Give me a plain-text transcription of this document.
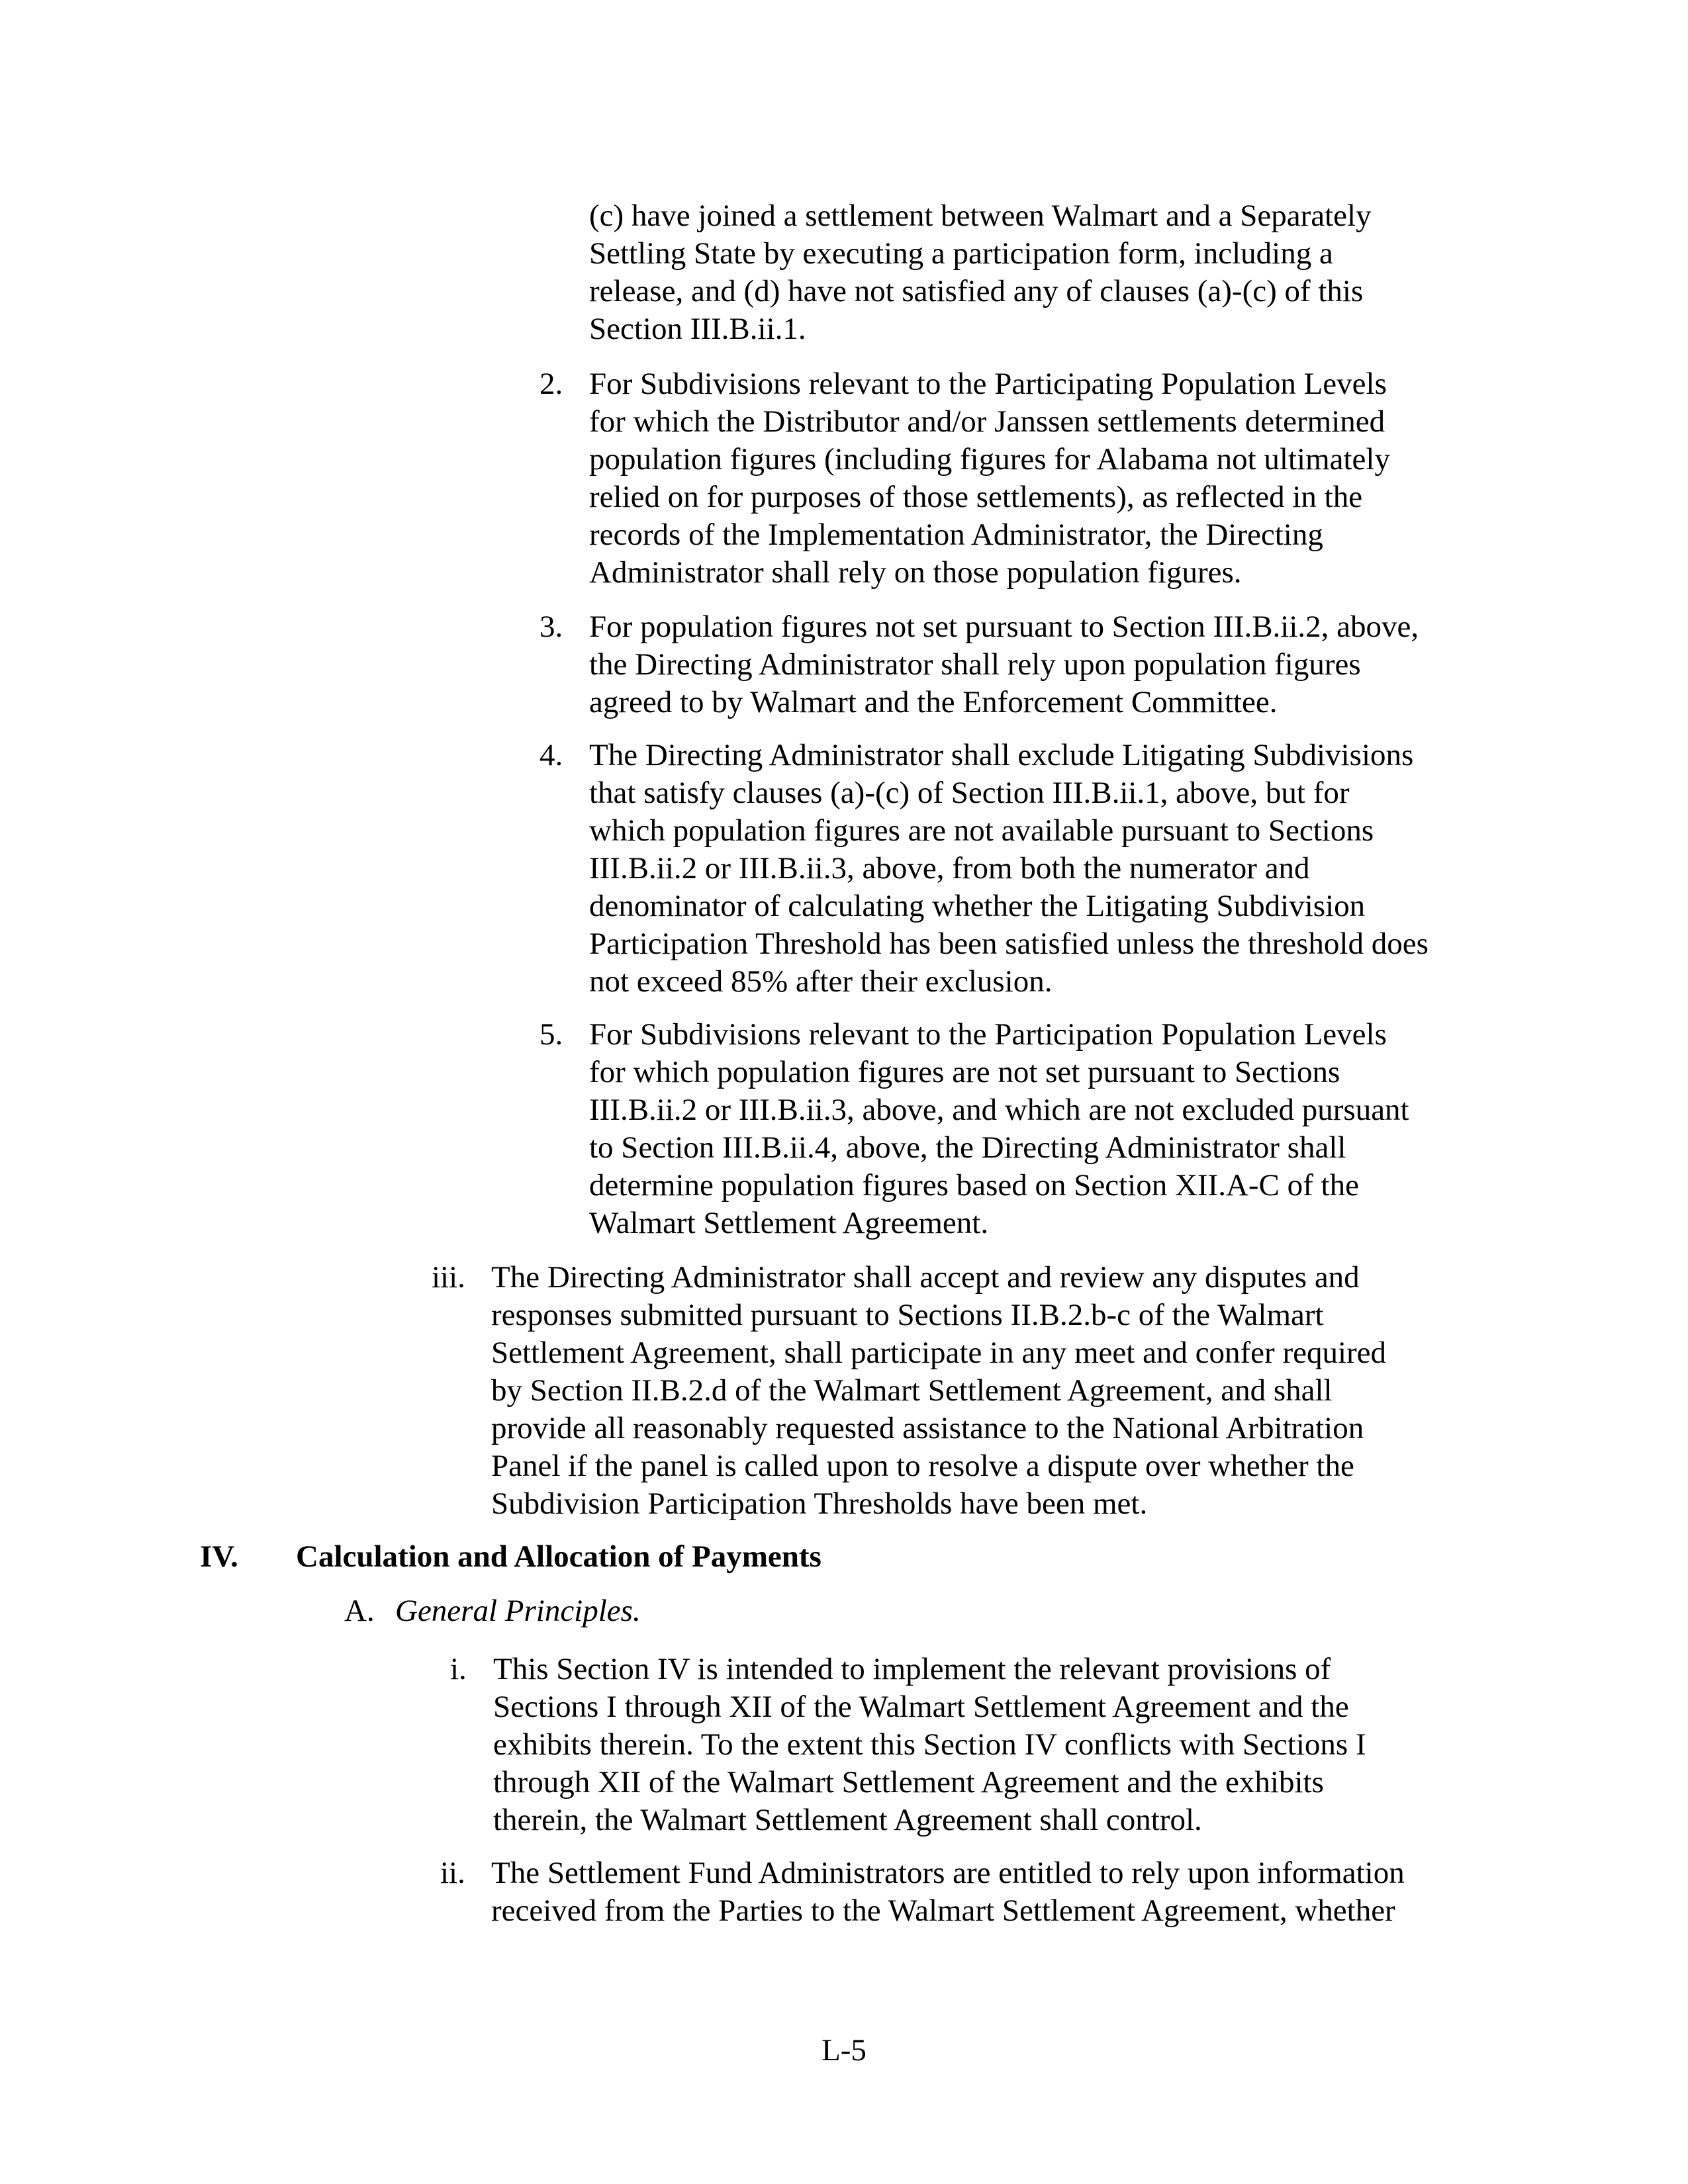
(c) have joined a settlement between Walmart and a Separately
Settling State by executing a participation form, including a
release, and (d) have not satisfied any of clauses (a)-(c) of this
Section III.B.ii.1.
2. For Subdivisions relevant to the Participating Population Levels
for which the Distributor and/or Janssen settlements determined
population figures (including figures for Alabama not ultimately
relied on for purposes of those settlements), as reflected in the
records of the Implementation Administrator, the Directing
Administrator shall rely on those population figures.
3. For population figures not set pursuant to Section III.B.ii.2, above,
the Directing Administrator shall rely upon population figures
agreed to by Walmart and the Enforcement Committee.
4. The Directing Administrator shall exclude Litigating Subdivisions
that satisfy clauses (a)-(c) of Section III.B.ii.1, above, but for
which population figures are not available pursuant to Sections
III.B.ii.2 or III.B.ii.3, above, from both the numerator and
denominator of calculating whether the Litigating Subdivision
Participation Threshold has been satisfied unless the threshold does
not exceed 85% after their exclusion.
5. For Subdivisions relevant to the Participation Population Levels
for which population figures are not set pursuant to Sections
III.B.ii.2 or III.B.ii.3, above, and which are not excluded pursuant
to Section III.B.ii.4, above, the Directing Administrator shall
determine population figures based on Section XII.A-C of the
Walmart Settlement Agreement.
iii. The Directing Administrator shall accept and review any disputes and
responses submitted pursuant to Sections II.B.2.b-c of the Walmart
Settlement Agreement, shall participate in any meet and confer required
by Section II.B.2.d of the Walmart Settlement Agreement, and shall
provide all reasonably requested assistance to the National Arbitration
Panel if the panel is called upon to resolve a dispute over whether the
Subdivision Participation Thresholds have been met.
IV. Calculation and Allocation of Payments
A. General Principles.
i. This Section IV is intended to implement the relevant provisions of
Sections I through XII of the Walmart Settlement Agreement and the
exhibits therein. To the extent this Section IV conflicts with Sections I
through XII of the Walmart Settlement Agreement and the exhibits
therein, the Walmart Settlement Agreement shall control.
ii. The Settlement Fund Administrators are entitled to rely upon information
received from the Parties to the Walmart Settlement Agreement, whether
L-5
